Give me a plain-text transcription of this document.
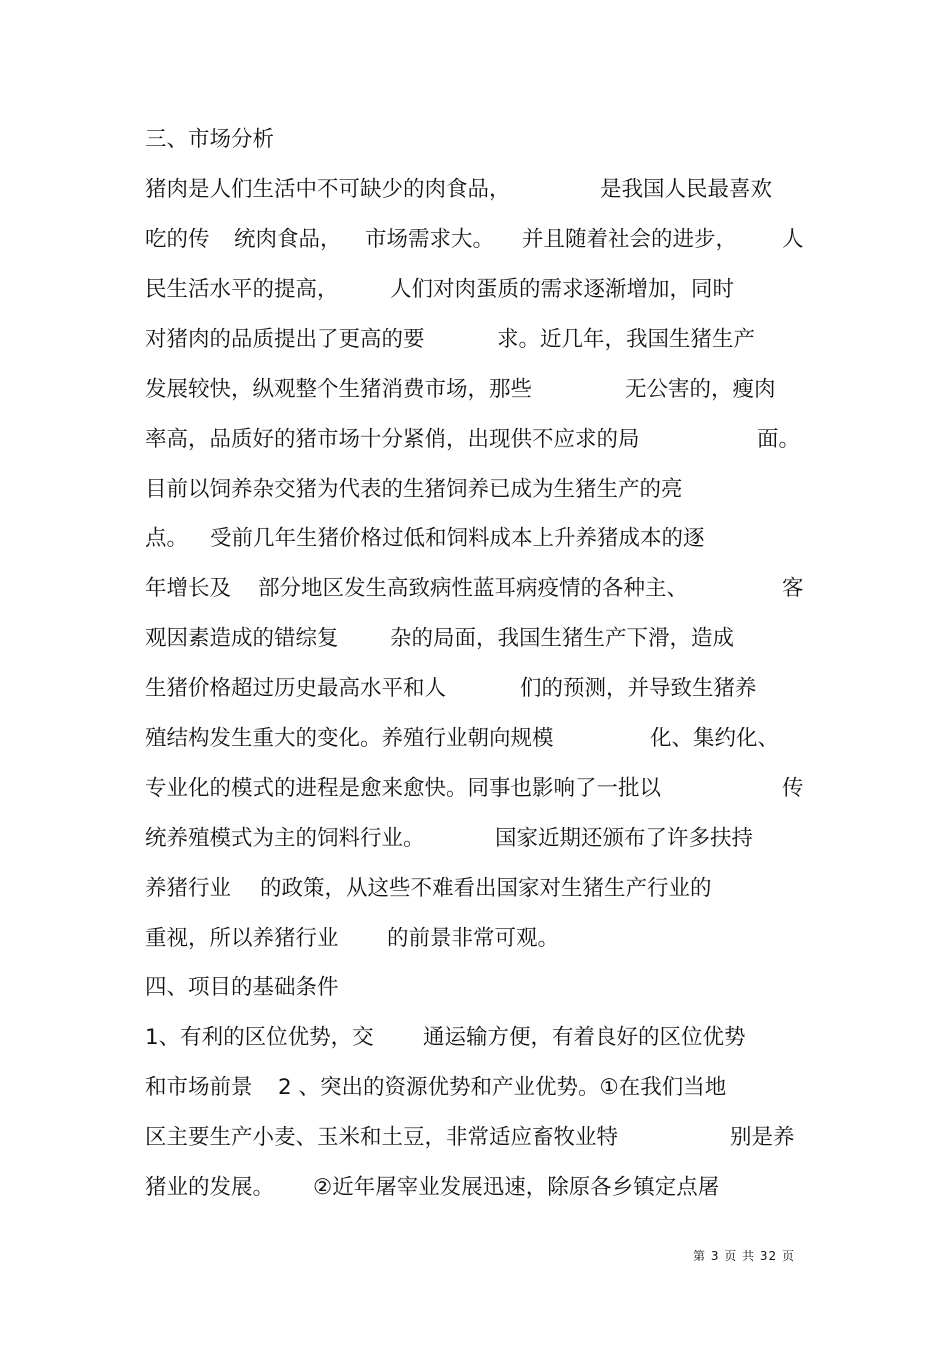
三、市场分析
猪肉是人们生活中不可缺少的肉食品，	是我国人民最喜欢
吃的传 统肉食品， 市场需求大。 并且随着社会的进步， 人
民生活水平的提高， 人们对肉蛋质的需求逐渐增加，同时
对猪肉的品质提出了更高的要	求。近几年，我国生猪生产
发展较快，纵观整个生猪消费市场，那些	无公害的，瘦肉
率高，品质好的猪市场十分紧俏，出现供不应求的局	面。
目前以饲养杂交猪为代表的生猪饲养已成为生猪生产的亮
点。 受前几年生猪价格过低和饲料成本上升养猪成本的逐
年增长及 部分地区发生高致病性蓝耳病疫情的各种主、	客
观因素造成的错综复 杂的局面，我国生猪生产下滑，造成
生猪价格超过历史最高水平和人	们的预测，并导致生猪养
殖结构发生重大的变化。养殖行业朝向规模	化、集约化、
专业化的模式的进程是愈来愈快。同事也影响了一批以	传
统养殖模式为主的饲料行业。	国家近期还颁布了许多扶持
养猪行业 的政策，从这些不难看出国家对生猪生产行业的
重视，所以养猪行业 的前景非常可观。
四、项目的基础条件
1、有利的区位优势，交 通运输方便，有着良好的区位优势
和市场前景 2 、突出的资源优势和产业优势。①在我们当地
区主要生产小麦、玉米和土豆，非常适应畜牧业特	别是养
猪业的发展。 ②近年屠宰业发展迅速，除原各乡镇定点屠
第 3 页 共 32 页
